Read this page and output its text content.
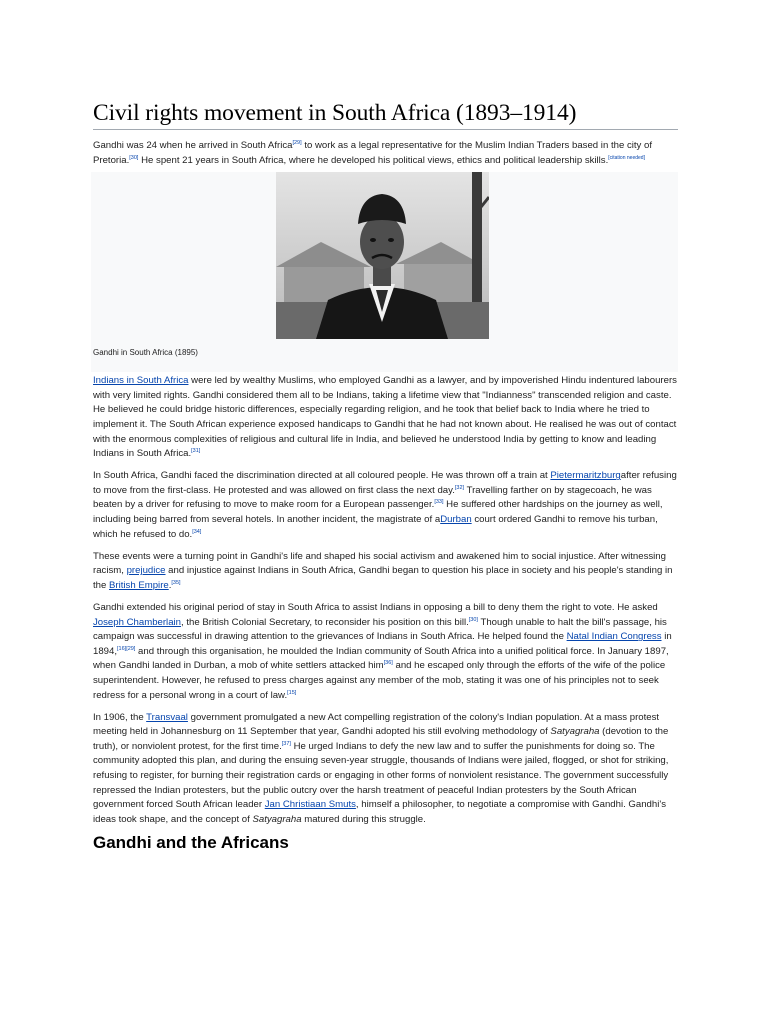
Civil rights movement in South Africa (1893–1914)

Gandhi was 24 when he arrived in South Africa[29] to work as a legal representative for the Muslim Indian Traders based in the city of Pretoria.[30] He spent 21 years in South Africa, where he developed his political views, ethics and political leadership skills.[citation needed]

Gandhi in South Africa (1895)

Indians in South Africa were led by wealthy Muslims, who employed Gandhi as a lawyer, and by impoverished Hindu indentured labourers with very limited rights. Gandhi considered them all to be Indians, taking a lifetime view that "Indianness" transcended religion and caste. He believed he could bridge historic differences, especially regarding religion, and he took that belief back to India where he tried to implement it. The South African experience exposed handicaps to Gandhi that he had not known about. He realised he was out of contact with the enormous complexities of religious and cultural life in India, and believed he understood India by getting to know and leading Indians in South Africa.[31]

In South Africa, Gandhi faced the discrimination directed at all coloured people. He was thrown off a train at Pietermaritzburgafter refusing to move from the first-class. He protested and was allowed on first class the next day.[32] Travelling farther on by stagecoach, he was beaten by a driver for refusing to move to make room for a European passenger.[33] He suffered other hardships on the journey as well, including being barred from several hotels. In another incident, the magistrate of aDurban court ordered Gandhi to remove his turban, which he refused to do.[34]

These events were a turning point in Gandhi's life and shaped his social activism and awakened him to social injustice. After witnessing racism, prejudice and injustice against Indians in South Africa, Gandhi began to question his place in society and his people's standing in the British Empire.[35]

Gandhi extended his original period of stay in South Africa to assist Indians in opposing a bill to deny them the right to vote. He asked Joseph Chamberlain, the British Colonial Secretary, to reconsider his position on this bill.[30] Though unable to halt the bill's passage, his campaign was successful in drawing attention to the grievances of Indians in South Africa. He helped found the Natal Indian Congress in 1894,[16][29] and through this organisation, he moulded the Indian community of South Africa into a unified political force. In January 1897, when Gandhi landed in Durban, a mob of white settlers attacked him[36] and he escaped only through the efforts of the wife of the police superintendent. However, he refused to press charges against any member of the mob, stating it was one of his principles not to seek redress for a personal wrong in a court of law.[15]

In 1906, the Transvaal government promulgated a new Act compelling registration of the colony's Indian population. At a mass protest meeting held in Johannesburg on 11 September that year, Gandhi adopted his still evolving methodology of Satyagraha (devotion to the truth), or nonviolent protest, for the first time.[37] He urged Indians to defy the new law and to suffer the punishments for doing so. The community adopted this plan, and during the ensuing seven-year struggle, thousands of Indians were jailed, flogged, or shot for striking, refusing to register, for burning their registration cards or engaging in other forms of nonviolent resistance. The government successfully repressed the Indian protesters, but the public outcry over the harsh treatment of peaceful Indian protesters by the South African government forced South African leader Jan Christiaan Smuts, himself a philosopher, to negotiate a compromise with Gandhi. Gandhi's ideas took shape, and the concept of Satyagraha matured during this struggle.

Gandhi and the Africans
